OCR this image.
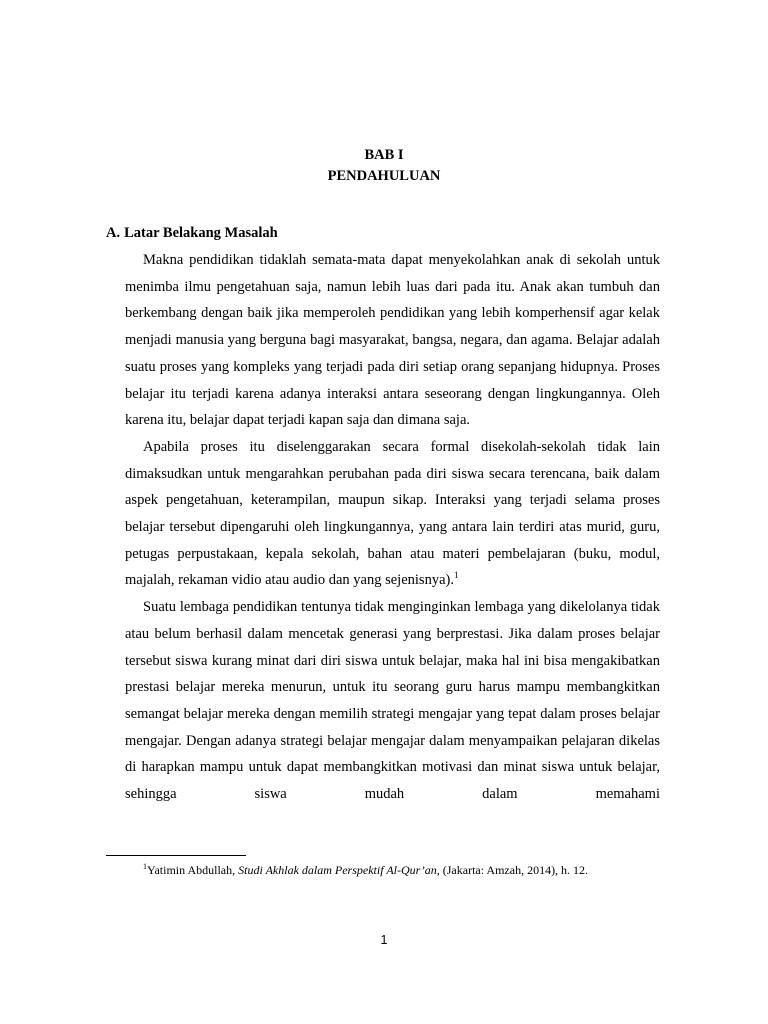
BAB I
PENDAHULUAN
A. Latar Belakang Masalah

Makna pendidikan tidaklah semata-mata dapat menyekolahkan anak di sekolah untuk menimba ilmu pengetahuan saja, namun lebih luas dari pada itu. Anak akan tumbuh dan berkembang dengan baik jika memperoleh pendidikan yang lebih komperhensif agar kelak menjadi manusia yang berguna bagi masyarakat, bangsa, negara, dan agama. Belajar adalah suatu proses yang kompleks yang terjadi pada diri setiap orang sepanjang hidupnya. Proses belajar itu terjadi karena adanya interaksi antara seseorang dengan lingkungannya. Oleh karena itu, belajar dapat terjadi kapan saja dan dimana saja.

Apabila proses itu diselenggarakan secara formal disekolah-sekolah tidak lain dimaksudkan untuk mengarahkan perubahan pada diri siswa secara terencana, baik dalam aspek pengetahuan, keterampilan, maupun sikap. Interaksi yang terjadi selama proses belajar tersebut dipengaruhi oleh lingkungannya, yang antara lain terdiri atas murid, guru, petugas perpustakaan, kepala sekolah, bahan atau materi pembelajaran (buku, modul, majalah, rekaman vidio atau audio dan yang sejenisnya).$^1$

Suatu lembaga pendidikan tentunya tidak menginginkan lembaga yang dikelolanya tidak atau belum berhasil dalam mencetak generasi yang berprestasi. Jika dalam proses belajar tersebut siswa kurang minat dari diri siswa untuk belajar, maka hal ini bisa mengakibatkan prestasi belajar mereka menurun, untuk itu seorang guru harus mampu membangkitkan semangat belajar mereka dengan memilih strategi mengajar yang tepat dalam proses belajar mengajar. Dengan adanya strategi belajar mengajar dalam menyampaikan pelajaran dikelas di harapkan mampu untuk dapat membangkitkan motivasi dan minat siswa untuk belajar, sehingga siswa mudah dalam memahami

$^1$Yatimin Abdullah, Studi Akhlak dalam Perspektif Al-Qur’an, (Jakarta: Amzah, 2014), h. 12.
1
